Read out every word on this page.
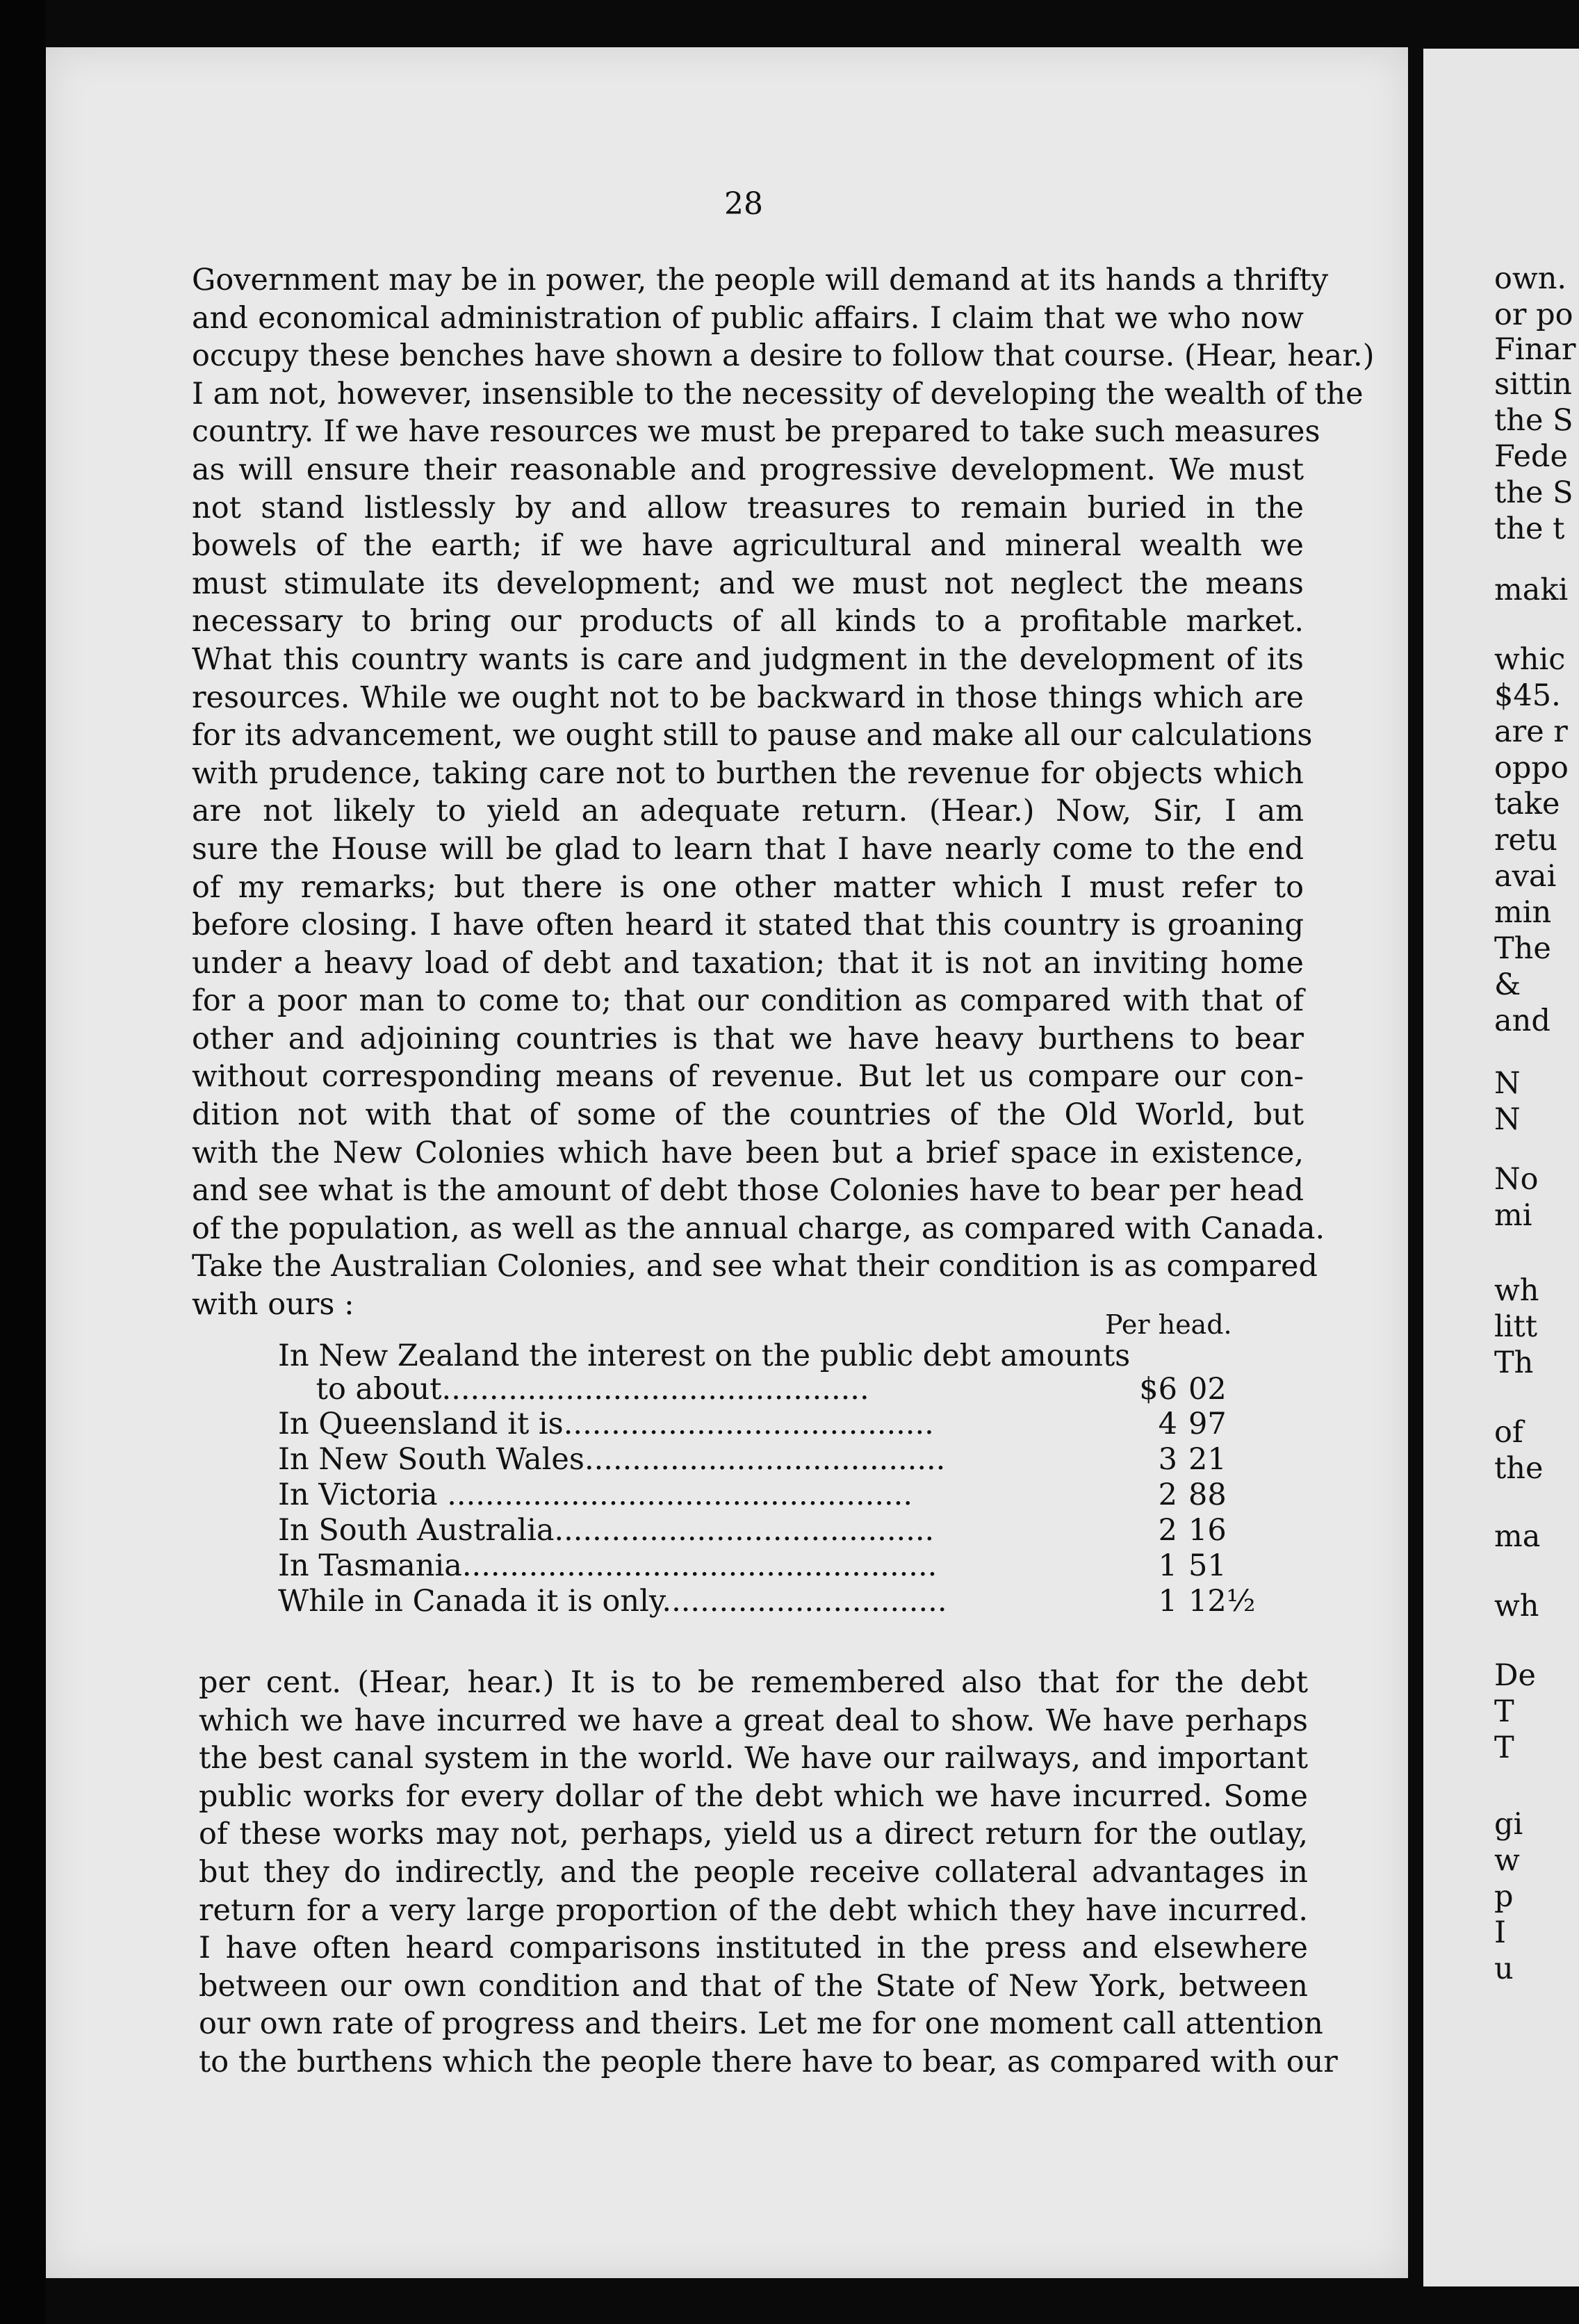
28
Government may be in power, the people will demand at its hands a thrifty
and economical administration of public affairs. I claim that we who now
occupy these benches have shown a desire to follow that course. (Hear, hear.)
I am not, however, insensible to the necessity of developing the wealth of the
country. If we have resources we must be prepared to take such measures
as will ensure their reasonable and progressive development. We must
not stand listlessly by and allow treasures to remain buried in the
bowels of the earth; if we have agricultural and mineral wealth we
must stimulate its development; and we must not neglect the means
necessary to bring our products of all kinds to a profitable market.
What this country wants is care and judgment in the development of its
resources. While we ought not to be backward in those things which are
for its advancement, we ought still to pause and make all our calculations
with prudence, taking care not to burthen the revenue for objects which
are not likely to yield an adequate return. (Hear.) Now, Sir, I am
sure the House will be glad to learn that I have nearly come to the end
of my remarks; but there is one other matter which I must refer to
before closing. I have often heard it stated that this country is groaning
under a heavy load of debt and taxation; that it is not an inviting home
for a poor man to come to; that our condition as compared with that of
other and adjoining countries is that we have heavy burthens to bear
without corresponding means of revenue. But let us compare our con-
dition not with that of some of the countries of the Old World, but
with the New Colonies which have been but a brief space in existence,
and see what is the amount of debt those Colonies have to bear per head
of the population, as well as the annual charge, as compared with Canada.
Take the Australian Colonies, and see what their condition is as compared
with ours :
Per head.
In New Zealand the interest on the public debt amounts
to about.............................................	$6 02
In Queensland it is.......................................	4 97
In New South Wales......................................	3 21
In Victoria .................................................	2 88
In South Australia........................................	2 16
In Tasmania..................................................	1 51
While in Canada it is only..............................	1 12½
per cent. (Hear, hear.) It is to be remembered also that for the debt
which we have incurred we have a great deal to show. We have perhaps
the best canal system in the world. We have our railways, and important
public works for every dollar of the debt which we have incurred. Some
of these works may not, perhaps, yield us a direct return for the outlay,
but they do indirectly, and the people receive collateral advantages in
return for a very large proportion of the debt which they have incurred.
I have often heard comparisons instituted in the press and elsewhere
between our own condition and that of the State of New York, between
our own rate of progress and theirs. Let me for one moment call attention
to the burthens which the people there have to bear, as compared with our
own.
or po
Finar
sittin
the S
Fede
the S
the t
maki
whic
$45.
are r
oppo
take
retu
avai
min
The
&
and
N
N
No
mi
wh
litt
Th
of
the
ma
wh
De
T
T
gi
w
p
I
u
